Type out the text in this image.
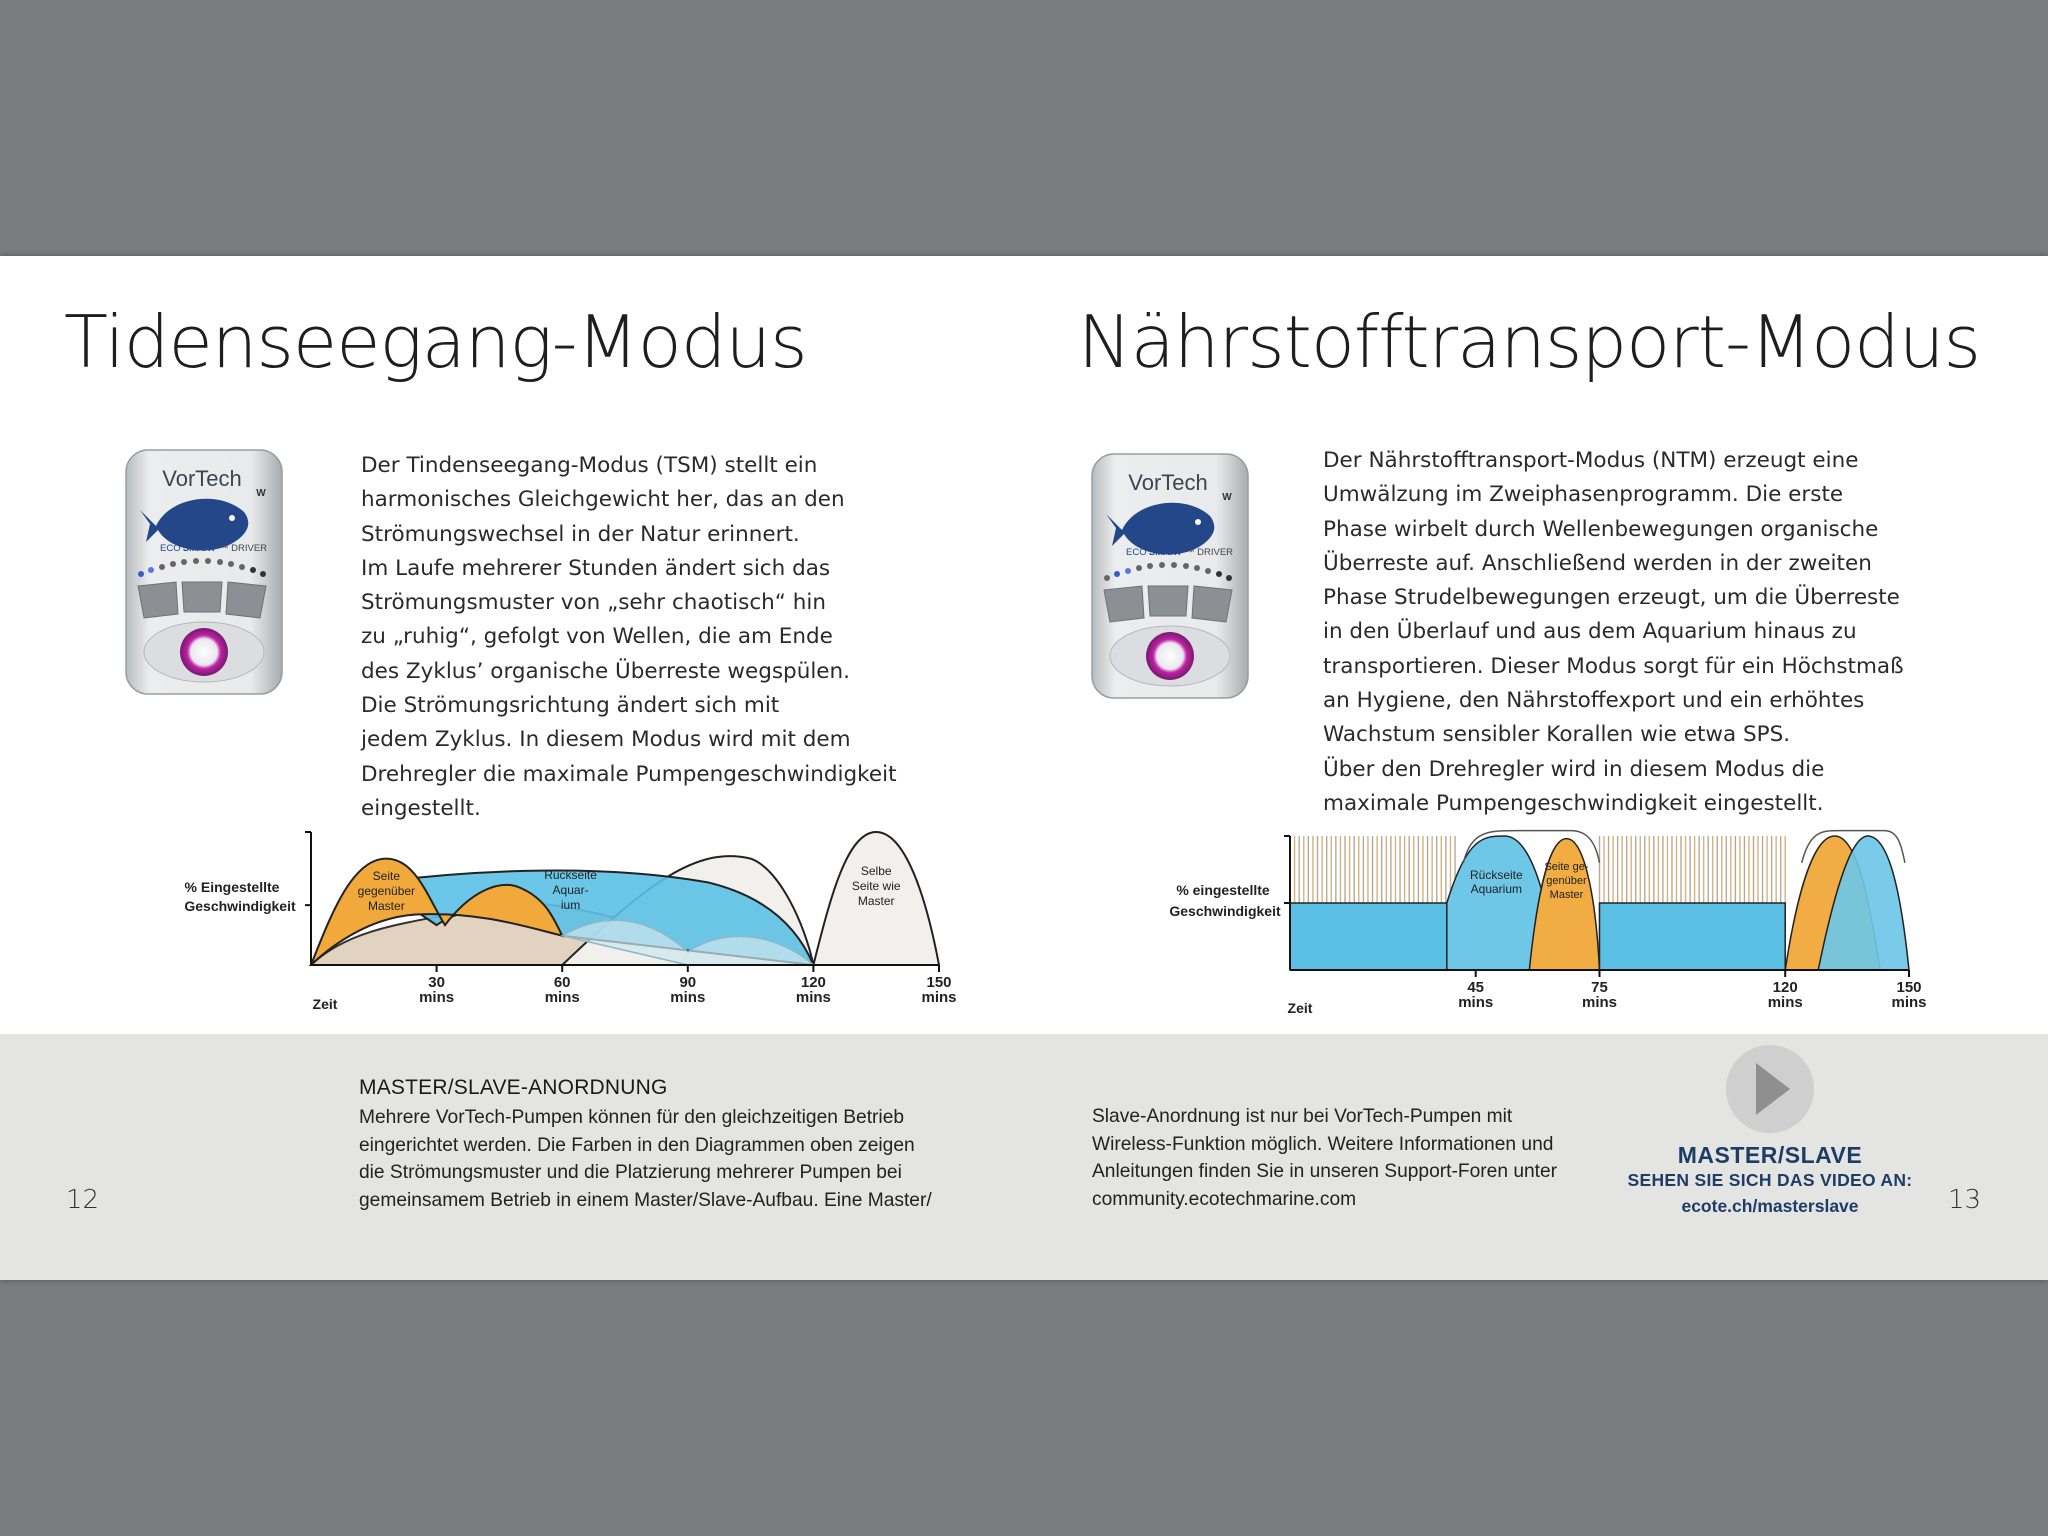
Tidenseegang-Modus	Nährstofftransport-Modus
VorTech
W
ECO SMART ™ DRIVER
VorTech
W
ECO SMART ™ DRIVER

Der Tindenseegang-Modus (TSM) stellt ein

harmonisches Gleichgewicht her, das an den

Strömungswechsel in der Natur erinnert.

Im Laufe mehrerer Stunden ändert sich das

Strömungsmuster von „sehr chaotisch“ hin

zu „ruhig“, gefolgt von Wellen, die am Ende

des Zyklus’ organische Überreste wegspülen.

Die Strömungsrichtung ändert sich mit

jedem Zyklus. In diesem Modus wird mit dem

Drehregler die maximale Pumpengeschwindigkeit

eingestellt.

Der Nährstofftransport-Modus (NTM) erzeugt eine

Umwälzung im Zweiphasenprogramm. Die erste

Phase wirbelt durch Wellenbewegungen organische

Überreste auf. Anschließend werden in der zweiten

Phase Strudelbewegungen erzeugt, um die Überreste

in den Überlauf und aus dem Aquarium hinaus zu

transportieren. Dieser Modus sorgt für ein Höchstmaß

an Hygiene, den Nährstoffexport und ein erhöhtes

Wachstum sensibler Korallen wie etwa SPS.

Über den Drehregler wird in diesem Modus die

maximale Pumpengeschwindigkeit eingestellt.

% Eingestellte
Geschwindigkeit
30
mins
60
mins
90
mins
120
mins
150
mins
Zeit
Seite
gegenüber
Master
Rückseite
Aquar-
ium
Selbe
Seite wie
Master
% eingestellte
Geschwindigkeit
45
mins
75
mins
120
mins
150
mins
Zeit
Rückseite
Aquarium
Seite ge-
genüber
Master
MASTER/SLAVE-ANORDNUNG

Mehrere VorTech-Pumpen können für den gleichzeitigen Betrieb

eingerichtet werden. Die Farben in den Diagrammen oben zeigen

die Strömungsmuster und die Platzierung mehrerer Pumpen bei

gemeinsamem Betrieb in einem Master/Slave-Aufbau. Eine Master/

Slave-Anordnung ist nur bei VorTech-Pumpen mit

Wireless-Funktion möglich. Weitere Informationen und

Anleitungen finden Sie in unseren Support-Foren unter

community.ecotechmarine.com

MASTER/SLAVE
SEHEN SIE SICH DAS VIDEO AN:
ecote.ch/masterslave
12	13
